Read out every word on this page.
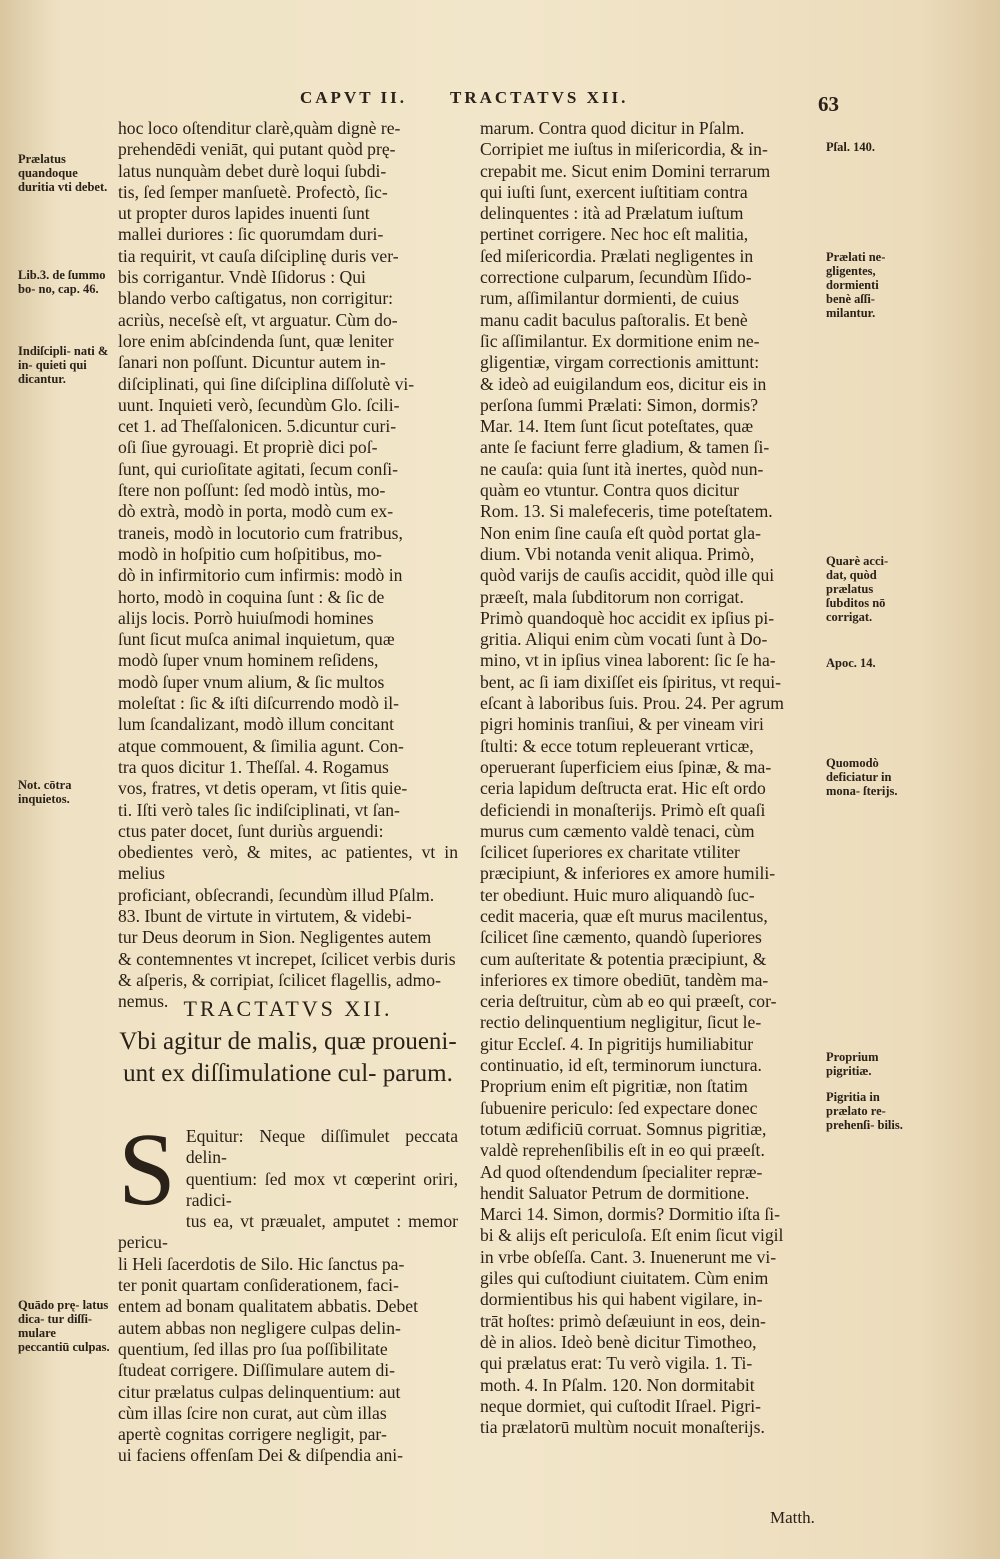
CAPVT II.	TRACTATVS XII.	63

hoc loco oſtenditur clarè,quàm dignè re-

prehendēdi veniāt, qui putant quòd prę-

latus nunquàm debet durè loqui ſubdi-

tis, ſed ſemper manſuetè. Profectò, ſic-

ut propter duros lapides inuenti ſunt

mallei duriores : ſic quorumdam duri-

tia requirit, vt cauſa diſciplinę duris ver-

bis corrigantur. Vndè Iſidorus : Qui

blando verbo caſtigatus, non corrigitur:

acriùs, neceſsè eſt, vt arguatur. Cùm do-

lore enim abſcindenda ſunt, quæ leniter

ſanari non poſſunt. Dicuntur autem in-

diſciplinati, qui ſine diſciplina diſſolutè vi-

uunt. Inquieti verò, ſecundùm Glo. ſcili-

cet 1. ad Theſſalonicen. 5.dicuntur curi-

oſi ſiue gyrouagi. Et propriè dici poſ-

ſunt, qui curioſitate agitati, ſecum conſi-

ſtere non poſſunt: ſed modò intùs, mo-

dò extrà, modò in porta, modò cum ex-

traneis, modò in locutorio cum fratribus,

modò in hoſpitio cum hoſpitibus, mo-

dò in infirmitorio cum infirmis: modò in

horto, modò in coquina ſunt : & ſic de

alijs locis. Porrò huiuſmodi homines

ſunt ſicut muſca animal inquietum, quæ

modò ſuper vnum hominem reſidens,

modò ſuper vnum alium, & ſic multos

moleſtat : ſic & iſti diſcurrendo modò il-

lum ſcandalizant, modò illum concitant

atque commouent, & ſimilia agunt. Con-

tra quos dicitur 1. Theſſal. 4. Rogamus

vos, fratres, vt detis operam, vt ſitis quie-

ti. Iſti verò tales ſic indiſciplinati, vt ſan-

ctus pater docet, ſunt duriùs arguendi:

obedientes verò, & mites, ac patientes, vt in melius

proficiant, obſecrandi, ſecundùm illud Pſalm.

83. Ibunt de virtute in virtutem, & videbi-

tur Deus deorum in Sion. Negligentes autem

& contemnentes vt increpet, ſcilicet verbis duris

& aſperis, & corripiat, ſcilicet flagellis, admo-

nemus. TRACTATVS XII.
Vbi agitur de malis, quæ proueni- unt ex diſſimulatione cul- parum.
S Equitur: Neque diſſimulet peccata delin-

quentium: ſed mox vt cœperint oriri, radici-

tus ea, vt præualet, amputet : memor pericu-

li Heli ſacerdotis de Silo. Hic ſanctus pa-

ter ponit quartam conſiderationem, faci-

entem ad bonam qualitatem abbatis. Debet

autem abbas non negligere culpas delin-

quentium, ſed illas pro ſua poſſibilitate

ſtudeat corrigere. Diſſimulare autem di-

citur prælatus culpas delinquentium: aut

cùm illas ſcire non curat, aut cùm illas

apertè cognitas corrigere negligit, par-

ui faciens offenſam Dei & diſpendia ani-

marum. Contra quod dicitur in Pſalm.

Corripiet me iuſtus in miſericordia, & in-

crepabit me. Sicut enim Domini terrarum

qui iuſti ſunt, exercent iuſtitiam contra

delinquentes : ità ad Prælatum iuſtum

pertinet corrigere. Nec hoc eſt malitia,

ſed miſericordia. Prælati negligentes in

correctione culparum, ſecundùm Iſido-

rum, aſſimilantur dormienti, de cuius

manu cadit baculus paſtoralis. Et benè

ſic aſſimilantur. Ex dormitione enim ne-

gligentiæ, virgam correctionis amittunt:

& ideò ad euigilandum eos, dicitur eis in

perſona ſummi Prælati: Simon, dormis?

Mar. 14. Item ſunt ſicut poteſtates, quæ

ante ſe faciunt ferre gladium, & tamen ſi-

ne cauſa: quia ſunt ità inertes, quòd nun-

quàm eo vtuntur. Contra quos dicitur

Rom. 13. Si malefeceris, time poteſtatem.

Non enim ſine cauſa eſt quòd portat gla-

dium. Vbi notanda venit aliqua. Primò,

quòd varijs de cauſis accidit, quòd ille qui

præeſt, mala ſubditorum non corrigat.

Primò quandoquè hoc accidit ex ipſius pi-

gritia. Aliqui enim cùm vocati ſunt à Do-

mino, vt in ipſius vinea laborent: ſic ſe ha-

bent, ac ſi iam dixiſſet eis ſpiritus, vt requi-

eſcant à laboribus ſuis. Prou. 24. Per agrum

pigri hominis tranſiui, & per vineam viri

ſtulti: & ecce totum repleuerant vrticæ,

operuerant ſuperficiem eius ſpinæ, & ma-

ceria lapidum deſtructa erat. Hic eſt ordo

deficiendi in monaſterijs. Primò eſt quaſi

murus cum cæmento valdè tenaci, cùm

ſcilicet ſuperiores ex charitate vtiliter

præcipiunt, & inferiores ex amore humili-

ter obediunt. Huic muro aliquandò ſuc-

cedit maceria, quæ eſt murus macilentus,

ſcilicet ſine cæmento, quandò ſuperiores

cum auſteritate & potentia præcipiunt, &

inferiores ex timore obediūt, tandèm ma-

ceria deſtruitur, cùm ab eo qui præeſt, cor-

rectio delinquentium negligitur, ſicut le-

gitur Eccleſ. 4. In pigritijs humiliabitur

continuatio, id eſt, terminorum iunctura.

Proprium enim eſt pigritiæ, non ſtatim

ſubuenire periculo: ſed expectare donec

totum ædificiū corruat. Somnus pigritiæ,

valdè reprehenſibilis eſt in eo qui præeſt.

Ad quod oſtendendum ſpecialiter repræ-

hendit Saluator Petrum de dormitione.

Marci 14. Simon, dormis? Dormitio iſta ſi-

bi & alijs eſt periculoſa. Eſt enim ſicut vigil

in vrbe obſeſſa. Cant. 3. Inuenerunt me vi-

giles qui cuſtodiunt ciuitatem. Cùm enim

dormientibus his qui habent vigilare, in-

trāt hoſtes: primò deſæuiunt in eos, dein-

dè in alios. Ideò benè dicitur Timotheo,

qui prælatus erat: Tu verò vigila. 1. Ti-

moth. 4. In Pſalm. 120. Non dormitabit

neque dormiet, qui cuſtodit Iſrael. Pigri-

tia prælatorū multùm nocuit monaſterijs.

Prælatus quandoque duritia vti debet.
Lib.3. de ſummo bo- no, cap. 46.
Indiſcipli- nati & in- quieti qui dicantur.
Not. cōtra inquietos.
Quādo prę- latus dica- tur diſſi- mulare peccantiū culpas.
Pſal. 140.
Prælati ne- gligentes, dormienti benè aſſi- milantur.
Quarè acci- dat, quòd prælatus ſubditos nō corrigat.
Apoc. 14.
Quomodò deficiatur in mona- ſterijs.
Proprium pigritiæ.
Pigritia in prælato re- prehenſi- bilis.
Matth.
